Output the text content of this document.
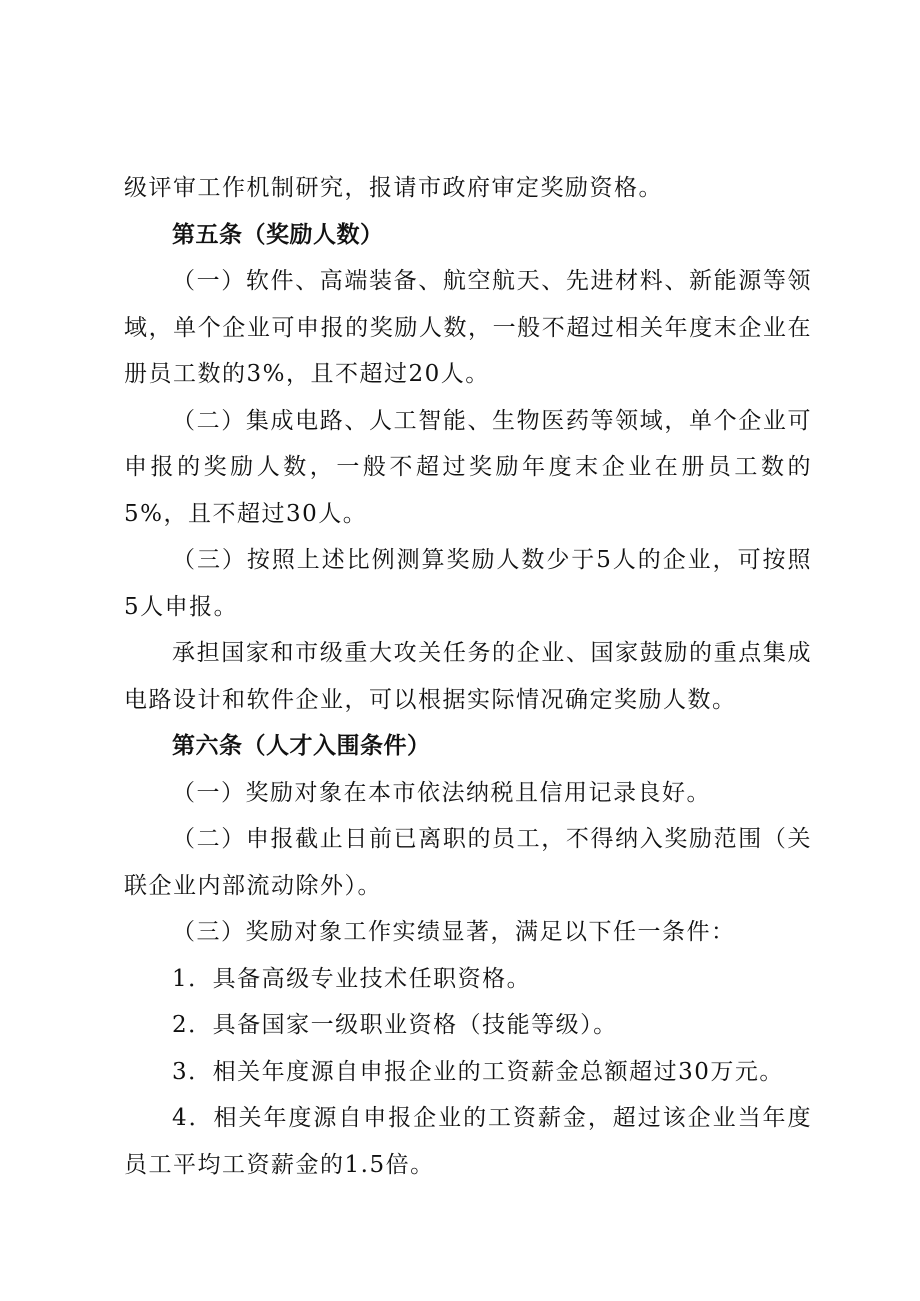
级评审工作机制研究，报请市政府审定奖励资格。

第五条（奖励人数）

（一）软件、高端装备、航空航天、先进材料、新能源等领域，单个企业可申报的奖励人数，一般不超过相关年度末企业在册员工数的3%，且不超过20人。

（二）集成电路、人工智能、生物医药等领域，单个企业可申报的奖励人数，一般不超过奖励年度末企业在册员工数的5%，且不超过30人。

（三）按照上述比例测算奖励人数少于5人的企业，可按照5人申报。

承担国家和市级重大攻关任务的企业、国家鼓励的重点集成电路设计和软件企业，可以根据实际情况确定奖励人数。

第六条（人才入围条件）

（一）奖励对象在本市依法纳税且信用记录良好。

（二）申报截止日前已离职的员工，不得纳入奖励范围（关联企业内部流动除外）。

（三）奖励对象工作实绩显著，满足以下任一条件：

1．具备高级专业技术任职资格。

2．具备国家一级职业资格（技能等级）。

3．相关年度源自申报企业的工资薪金总额超过30万元。

4．相关年度源自申报企业的工资薪金，超过该企业当年度员工平均工资薪金的1.5倍。
